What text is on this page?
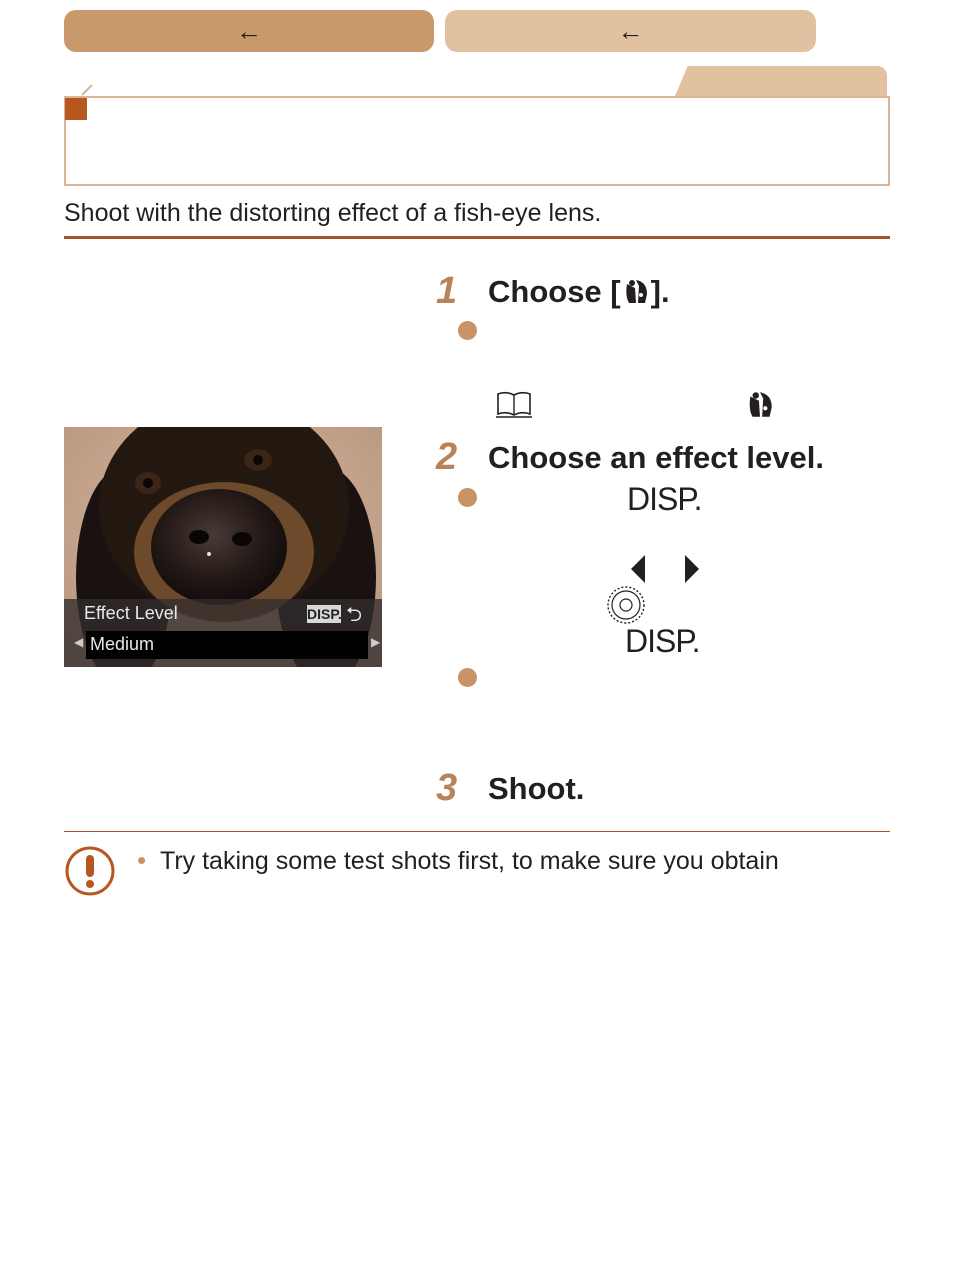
←	←
Shoot with the distorting effect of a fish-eye lens.
Effect Level	DISP. ⮌
◀ Medium	▶
1 Choose [ ].
2 Choose an effect level.
DISP.
DISP.
3 Shoot.
• Try taking some test shots first, to make sure you obtain
